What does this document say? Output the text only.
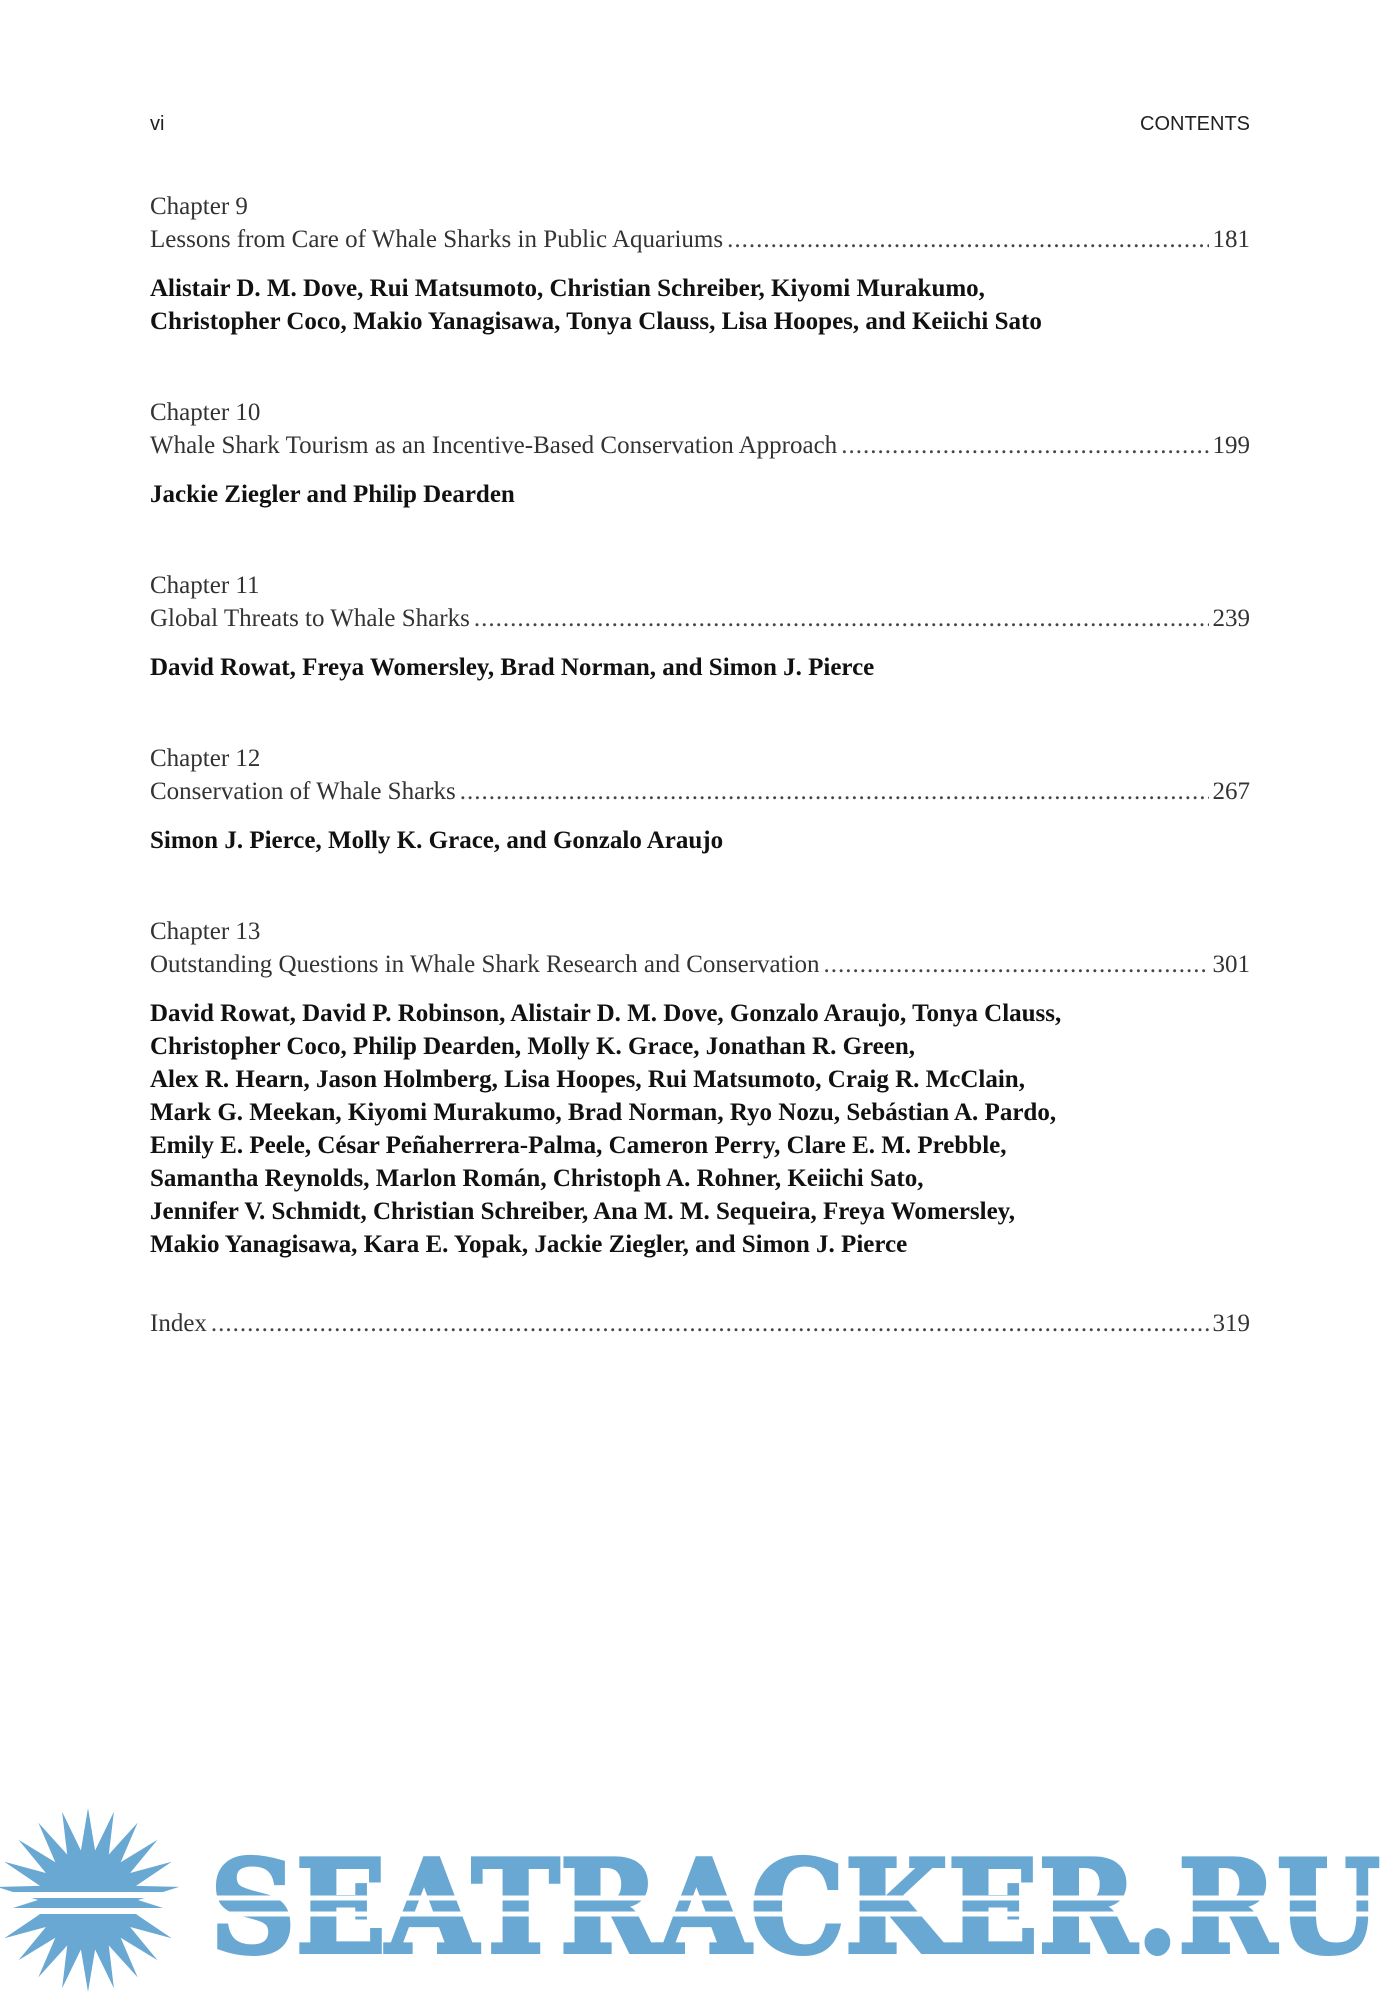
vi	CONTENTS
Chapter 9
Lessons from Care of Whale Sharks in Public Aquariums .....	181
Alistair D. M. Dove, Rui Matsumoto, Christian Schreiber, Kiyomi Murakumo,
Christopher Coco, Makio Yanagisawa, Tonya Clauss, Lisa Hoopes, and Keiichi Sato
Chapter 10
Whale Shark Tourism as an Incentive-Based Conservation Approach .....	199
Jackie Ziegler and Philip Dearden
Chapter 11
Global Threats to Whale Sharks .....	239
David Rowat, Freya Womersley, Brad Norman, and Simon J. Pierce
Chapter 12
Conservation of Whale Sharks .....	267
Simon J. Pierce, Molly K. Grace, and Gonzalo Araujo
Chapter 13
Outstanding Questions in Whale Shark Research and Conservation .....	301
David Rowat, David P. Robinson, Alistair D. M. Dove, Gonzalo Araujo, Tonya Clauss,
Christopher Coco, Philip Dearden, Molly K. Grace, Jonathan R. Green,
Alex R. Hearn, Jason Holmberg, Lisa Hoopes, Rui Matsumoto, Craig R. McClain,
Mark G. Meekan, Kiyomi Murakumo, Brad Norman, Ryo Nozu, Sebástian A. Pardo,
Emily E. Peele, César Peñaherrera-Palma, Cameron Perry, Clare E. M. Prebble,
Samantha Reynolds, Marlon Román, Christoph A. Rohner, Keiichi Sato,
Jennifer V. Schmidt, Christian Schreiber, Ana M. M. Sequeira, Freya Womersley,
Makio Yanagisawa, Kara E. Yopak, Jackie Ziegler, and Simon J. Pierce
Index .....	319
SEATRACKER.RU
